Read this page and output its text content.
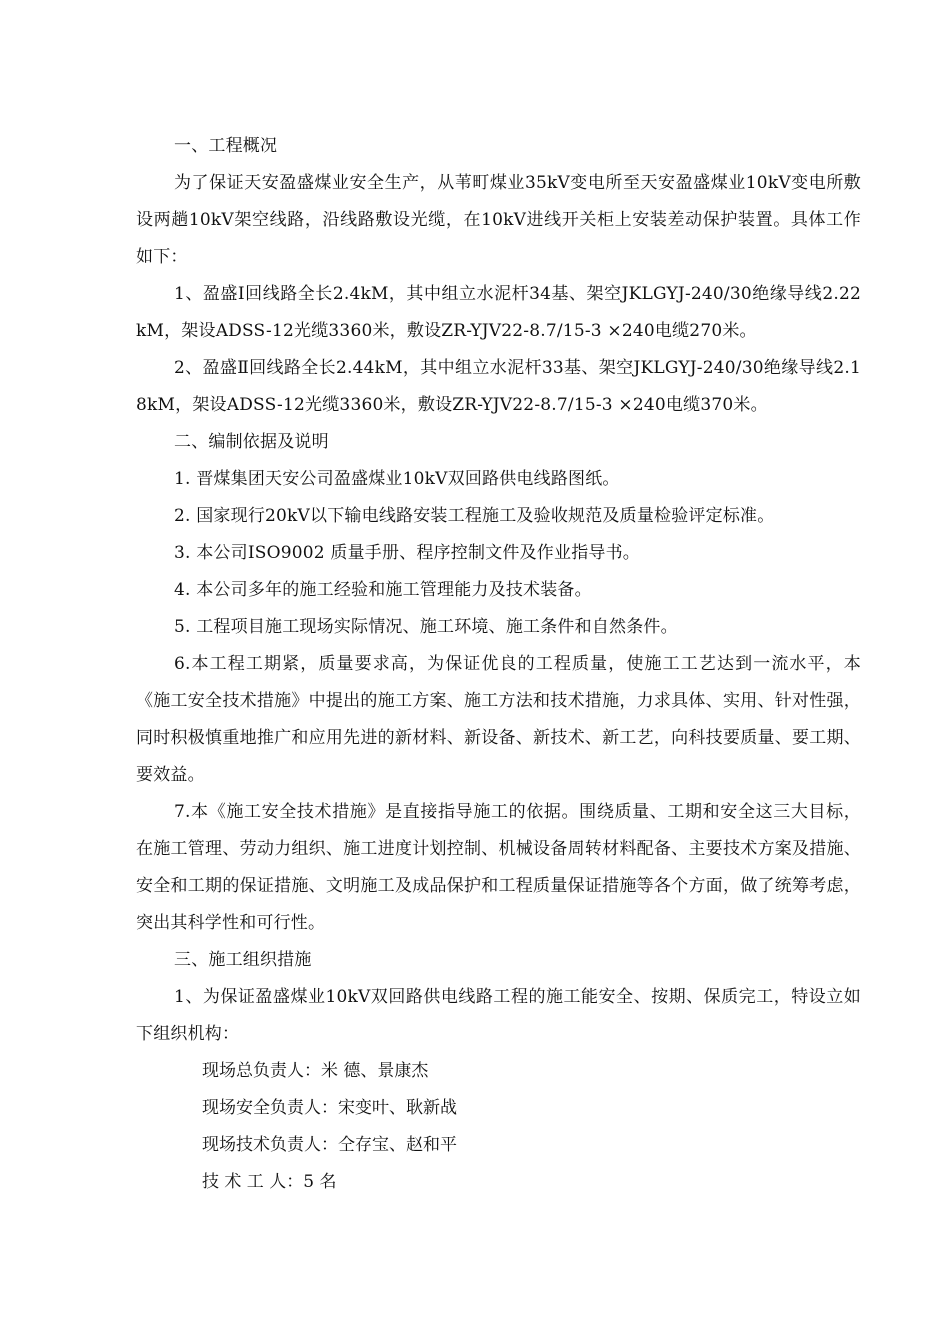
一、工程概况

为了保证天安盈盛煤业安全生产，从苇町煤业35kV变电所至天安盈盛煤业10kV变电所敷设两趟10kV架空线路，沿线路敷设光缆，在10kV进线开关柜上安装差动保护装置。具体工作如下：

1、盈盛Ⅰ回线路全长2.4kM，其中组立水泥杆34基、架空JKLGYJ-240/30绝缘导线2.22kM，架设ADSS-12光缆3360米，敷设ZR-YJV22-8.7/15-3 ×240电缆270米。

2、盈盛Ⅱ回线路全长2.44kM，其中组立水泥杆33基、架空JKLGYJ-240/30绝缘导线2.18kM，架设ADSS-12光缆3360米，敷设ZR-YJV22-8.7/15-3 ×240电缆370米。

二、编制依据及说明

1. 晋煤集团天安公司盈盛煤业10kV双回路供电线路图纸。

2. 国家现行20kV以下输电线路安装工程施工及验收规范及质量检验评定标准。

3. 本公司ISO9002 质量手册、程序控制文件及作业指导书。

4. 本公司多年的施工经验和施工管理能力及技术装备。

5. 工程项目施工现场实际情况、施工环境、施工条件和自然条件。

6.本工程工期紧，质量要求高，为保证优良的工程质量，使施工工艺达到一流水平，本《施工安全技术措施》中提出的施工方案、施工方法和技术措施，力求具体、实用、针对性强，同时积极慎重地推广和应用先进的新材料、新设备、新技术、新工艺，向科技要质量、要工期、要效益。

7.本《施工安全技术措施》是直接指导施工的依据。围绕质量、工期和安全这三大目标，在施工管理、劳动力组织、施工进度计划控制、机械设备周转材料配备、主要技术方案及措施、安全和工期的保证措施、文明施工及成品保护和工程质量保证措施等各个方面，做了统筹考虑，突出其科学性和可行性。

三、施工组织措施

1、为保证盈盛煤业10kV双回路供电线路工程的施工能安全、按期、保质完工，特设立如下组织机构：

现场总负责人：米 德、景康杰

现场安全负责人：宋变叶、耿新战

现场技术负责人：仝存宝、赵和平

技 术 工 人：5 名
